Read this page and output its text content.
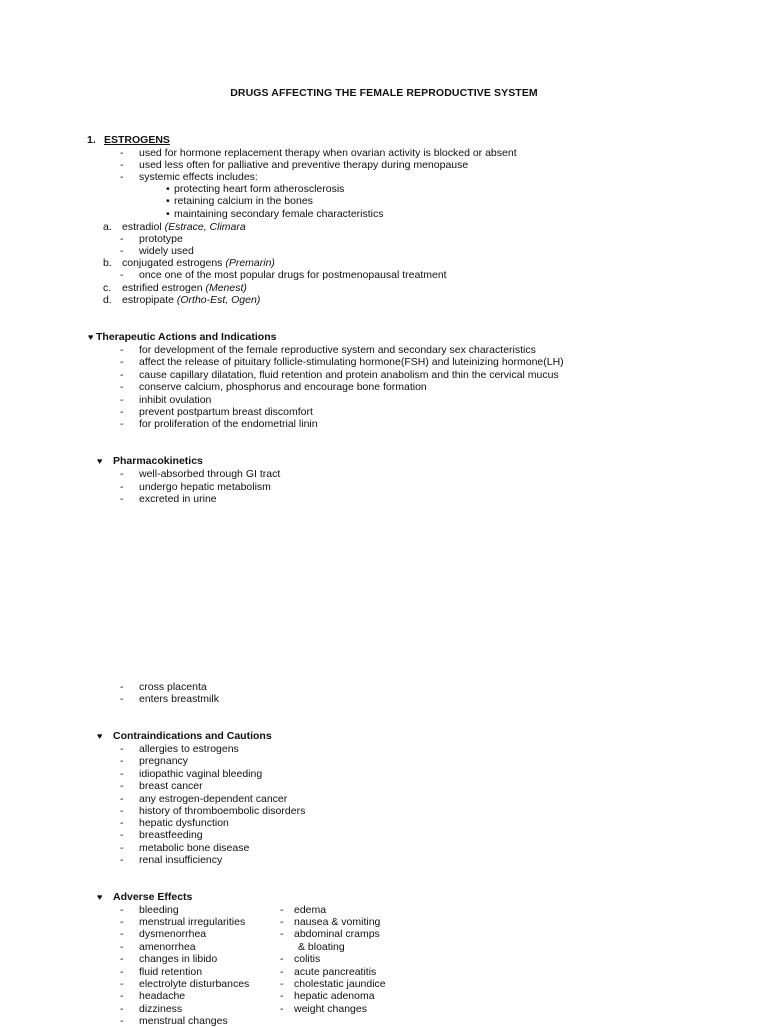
DRUGS AFFECTING THE FEMALE REPRODUCTIVE SYSTEM
1. ESTROGENS
- used for hormone replacement therapy when ovarian activity is blocked or absent
- used less often for palliative and preventive therapy during menopause
- systemic effects includes:
• protecting heart form atherosclerosis
• retaining calcium in the bones
• maintaining secondary female characteristics
a. estradiol (Estrace, Climara
- prototype
- widely used
b. conjugated estrogens (Premarin)
- once one of the most popular drugs for postmenopausal treatment
c. estrified estrogen (Menest)
d. estropipate (Ortho-Est, Ogen)
♥ Therapeutic Actions and Indications
- for development of the female reproductive system and secondary sex characteristics
- affect the release of pituitary follicle-stimulating hormone(FSH) and luteinizing hormone(LH)
- cause capillary dilatation, fluid retention and protein anabolism and thin the cervical mucus
- conserve calcium, phosphorus and encourage bone formation
- inhibit ovulation
- prevent postpartum breast discomfort
- for proliferation of the endometrial linin
♥ Pharmacokinetics
- well-absorbed through GI tract
- undergo hepatic metabolism
- excreted in urine
- cross placenta
- enters breastmilk
♥ Contraindications and Cautions
- allergies to estrogens
- pregnancy
- idiopathic vaginal bleeding
- breast cancer
- any estrogen-dependent cancer
- history of thromboembolic disorders
- hepatic dysfunction
- breastfeeding
- metabolic bone disease
- renal insufficiency
♥ Adverse Effects
- bleeding
- menstrual irregularities
- dysmenorrhea
- amenorrhea
- changes in libido
- fluid retention
- electrolyte disturbances
- headache
- dizziness
- menstrual changes
- edema
- nausea & vomiting
- abdominal cramps
& bloating
- colitis
- acute pancreatitis
- cholestatic jaundice
- hepatic adenoma
- weight changes
